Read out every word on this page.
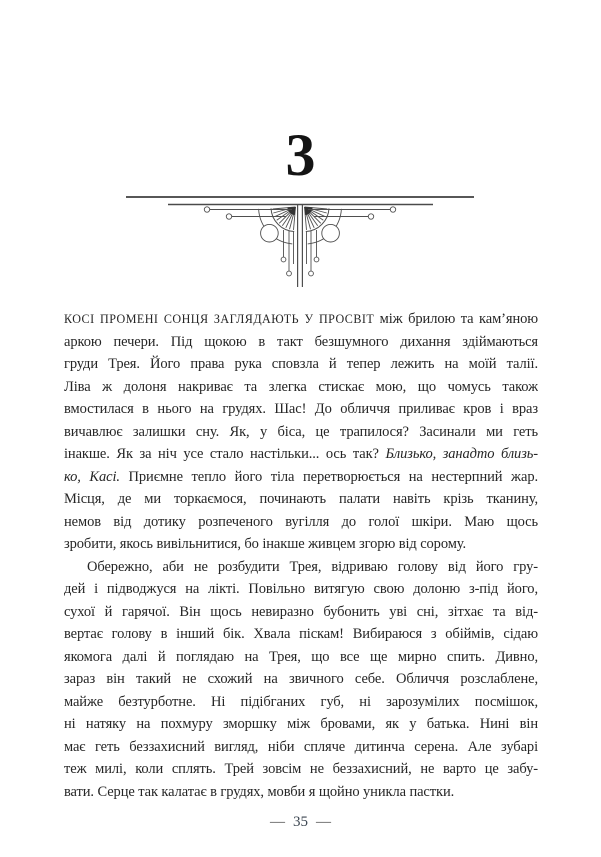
3
КОСІ ПРОМЕНІ СОНЦЯ ЗАГЛЯДАЮТЬ У ПРОСВІТ між брилою та кам’яною
аркою печери. Під щокою в такт безшумного дихання здіймаються
груди Трея. Його права рука сповзла й тепер лежить на моїй талії.
Ліва ж долоня накриває та злегка стискає мою, що чомусь також
вмостилася в нього на грудях. Шас! До обличчя приливає кров і враз
вичавлює залишки сну. Як, у біса, це трапилося? Засинали ми геть
інакше. Як за ніч усе стало настільки... ось так? Близько, занадто близь-
ко, Касі. Приємне тепло його тіла перетворюється на нестерпний жар.
Місця, де ми торкаємося, починають палати навіть крізь тканину,
немов від дотику розпеченого вугілля до голої шкіри. Маю щось
зробити, якось вивільнитися, бо інакше живцем згорю від сорому.
Обережно, аби не розбудити Трея, відриваю голову від його гру-
дей і підводжуся на лікті. Повільно витягую свою долоню з-під його,
сухої й гарячої. Він щось невиразно бубонить уві сні, зітхає та від-
вертає голову в інший бік. Хвала піскам! Вибираюся з обіймів, сідаю
якомога далі й поглядаю на Трея, що все ще мирно спить. Дивно,
зараз він такий не схожий на звичного себе. Обличчя розслаблене,
майже безтурботне. Ні підібганих губ, ні зарозумілих посмішок,
ні натяку на похмуру зморшку між бровами, як у батька. Нині він
має геть беззахисний вигляд, ніби спляче дитинча серена. Але зубарі
теж милі, коли сплять. Трей зовсім не беззахисний, не варто це забу-
вати. Серце так калатає в грудях, мовби я щойно уникла пастки.
— 35 —
